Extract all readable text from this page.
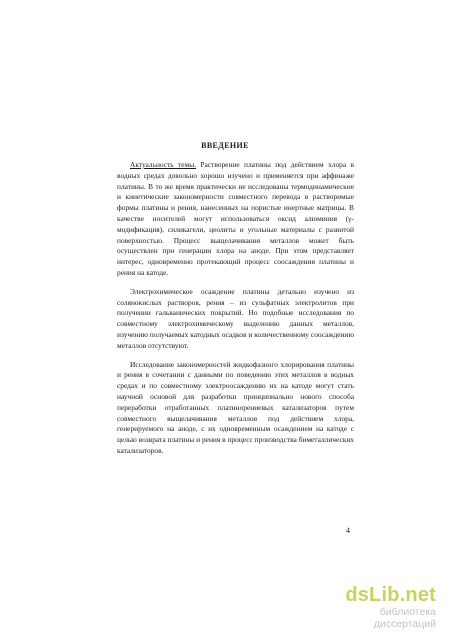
ВВЕДЕНИЕ

Актуальность темы. Растворение платины под действием хлора в водных средах довольно хорошо изучено и применяется при аффинаже платины. В то же время практически не исследованы термодинамические и кинетические закономерности совместного перевода в растворимые формы платины и рения, нанесенных на пористые инертные матрицы. В качестве носителей могут использоваться оксид алюминия (γ-модификация), силикагели, цеолиты и угольные материалы с развитой поверхностью. Процесс выщелачивания металлов может быть осуществлен при генерации хлора на аноде. При этом представляет интерес, одновременно протекающий процесс соосаждения платины и рения на катоде.

Электрохимическое осаждение платины детально изучено из солянокислых растворов, рения – из сульфатных электролитов при получении гальванических покрытий. Но подобные исследования по совместному электрохимическому выделению данных металлов, изучению получаемых катодных осадков и количественному соосаждению металлов отсутствуют.

Исследование закономерностей жидкофазного хлорирования платины и рения в сочетании с данными по поведению этих металлов в водных средах и по совместному электроосаждению их на катоде могут стать научной основой для разработки принципиально нового способа переработки отработанных платинорениевых катализаторов путем совместного выщелачивания металлов под действием хлора, генерируемого на аноде, с их одновременным осаждением на катоде с целью возврата платины и рения в процесс производства биметаллических катализаторов.

4
dsLib.net
библиотека диссертаций
